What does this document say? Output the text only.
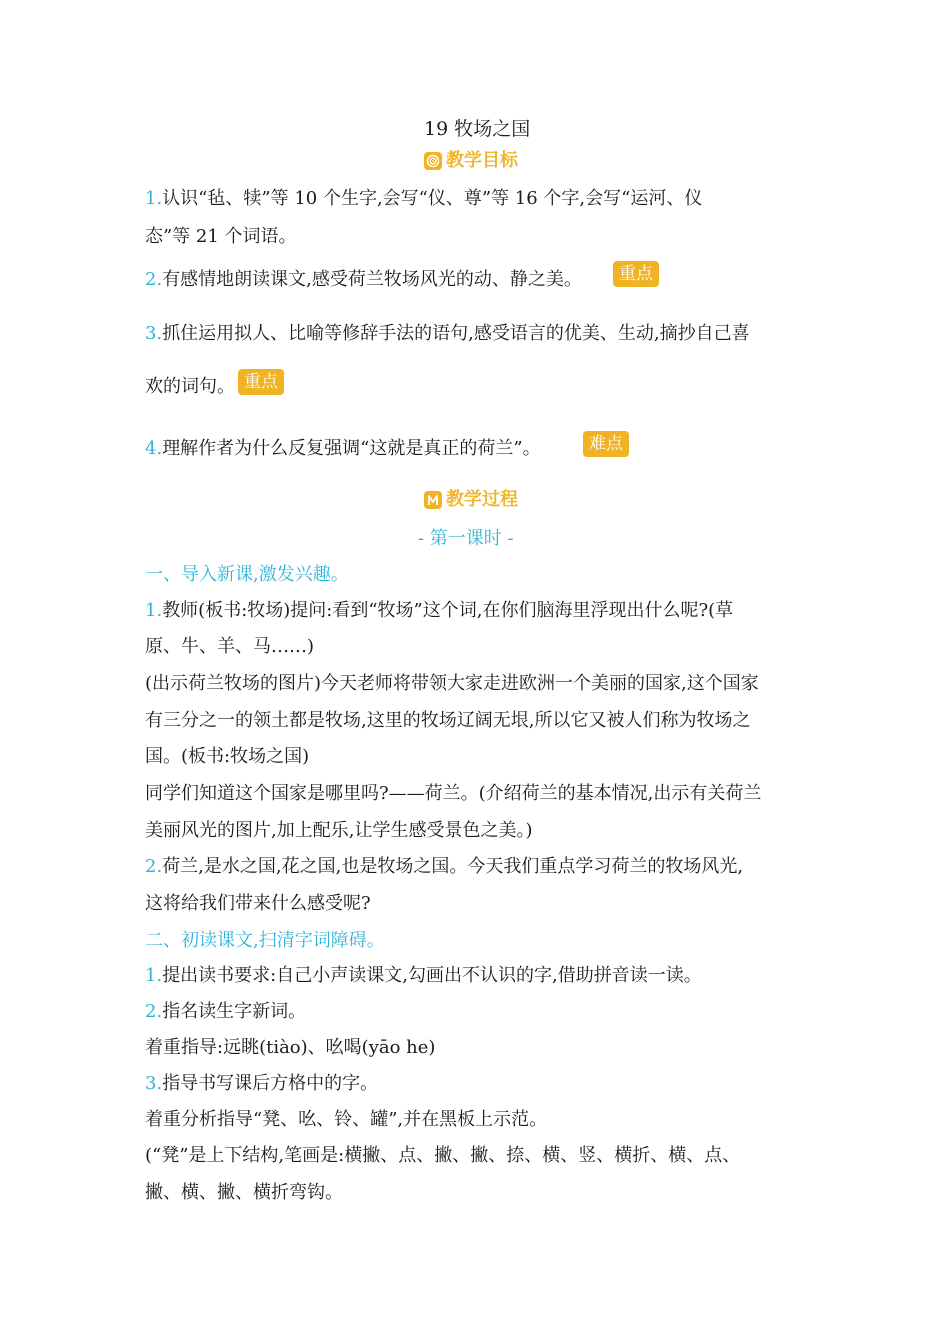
19 牧场之国
教学目标
1.认识“毡、犊”等 10 个生字,会写“仪、尊”等 16 个字,会写“运河、仪
态”等 21 个词语。
2.有感情地朗读课文,感受荷兰牧场风光的动、静之美。	重点
3.抓住运用拟人、比喻等修辞手法的语句,感受语言的优美、生动,摘抄自己喜
欢的词句。 重点
4.理解作者为什么反复强调“这就是真正的荷兰”。	难点
教学过程
- 第一课时 -
一、导入新课,激发兴趣。
1.教师(板书:牧场)提问:看到“牧场”这个词,在你们脑海里浮现出什么呢?(草
原、牛、羊、马……)
(出示荷兰牧场的图片)今天老师将带领大家走进欧洲一个美丽的国家,这个国家
有三分之一的领土都是牧场,这里的牧场辽阔无垠,所以它又被人们称为牧场之
国。(板书:牧场之国)
同学们知道这个国家是哪里吗?——荷兰。(介绍荷兰的基本情况,出示有关荷兰
美丽风光的图片,加上配乐,让学生感受景色之美。)
2.荷兰,是水之国,花之国,也是牧场之国。今天我们重点学习荷兰的牧场风光,
这将给我们带来什么感受呢?
二、初读课文,扫清字词障碍。
1.提出读书要求:自己小声读课文,勾画出不认识的字,借助拼音读一读。
2.指名读生字新词。
着重指导:远眺(tiào)、吆喝(yāo he)
3.指导书写课后方格中的字。
着重分析指导“凳、吆、铃、罐”,并在黑板上示范。
(“凳”是上下结构,笔画是:横撇、点、撇、撇、捺、横、竖、横折、横、点、
撇、横、撇、横折弯钩。
